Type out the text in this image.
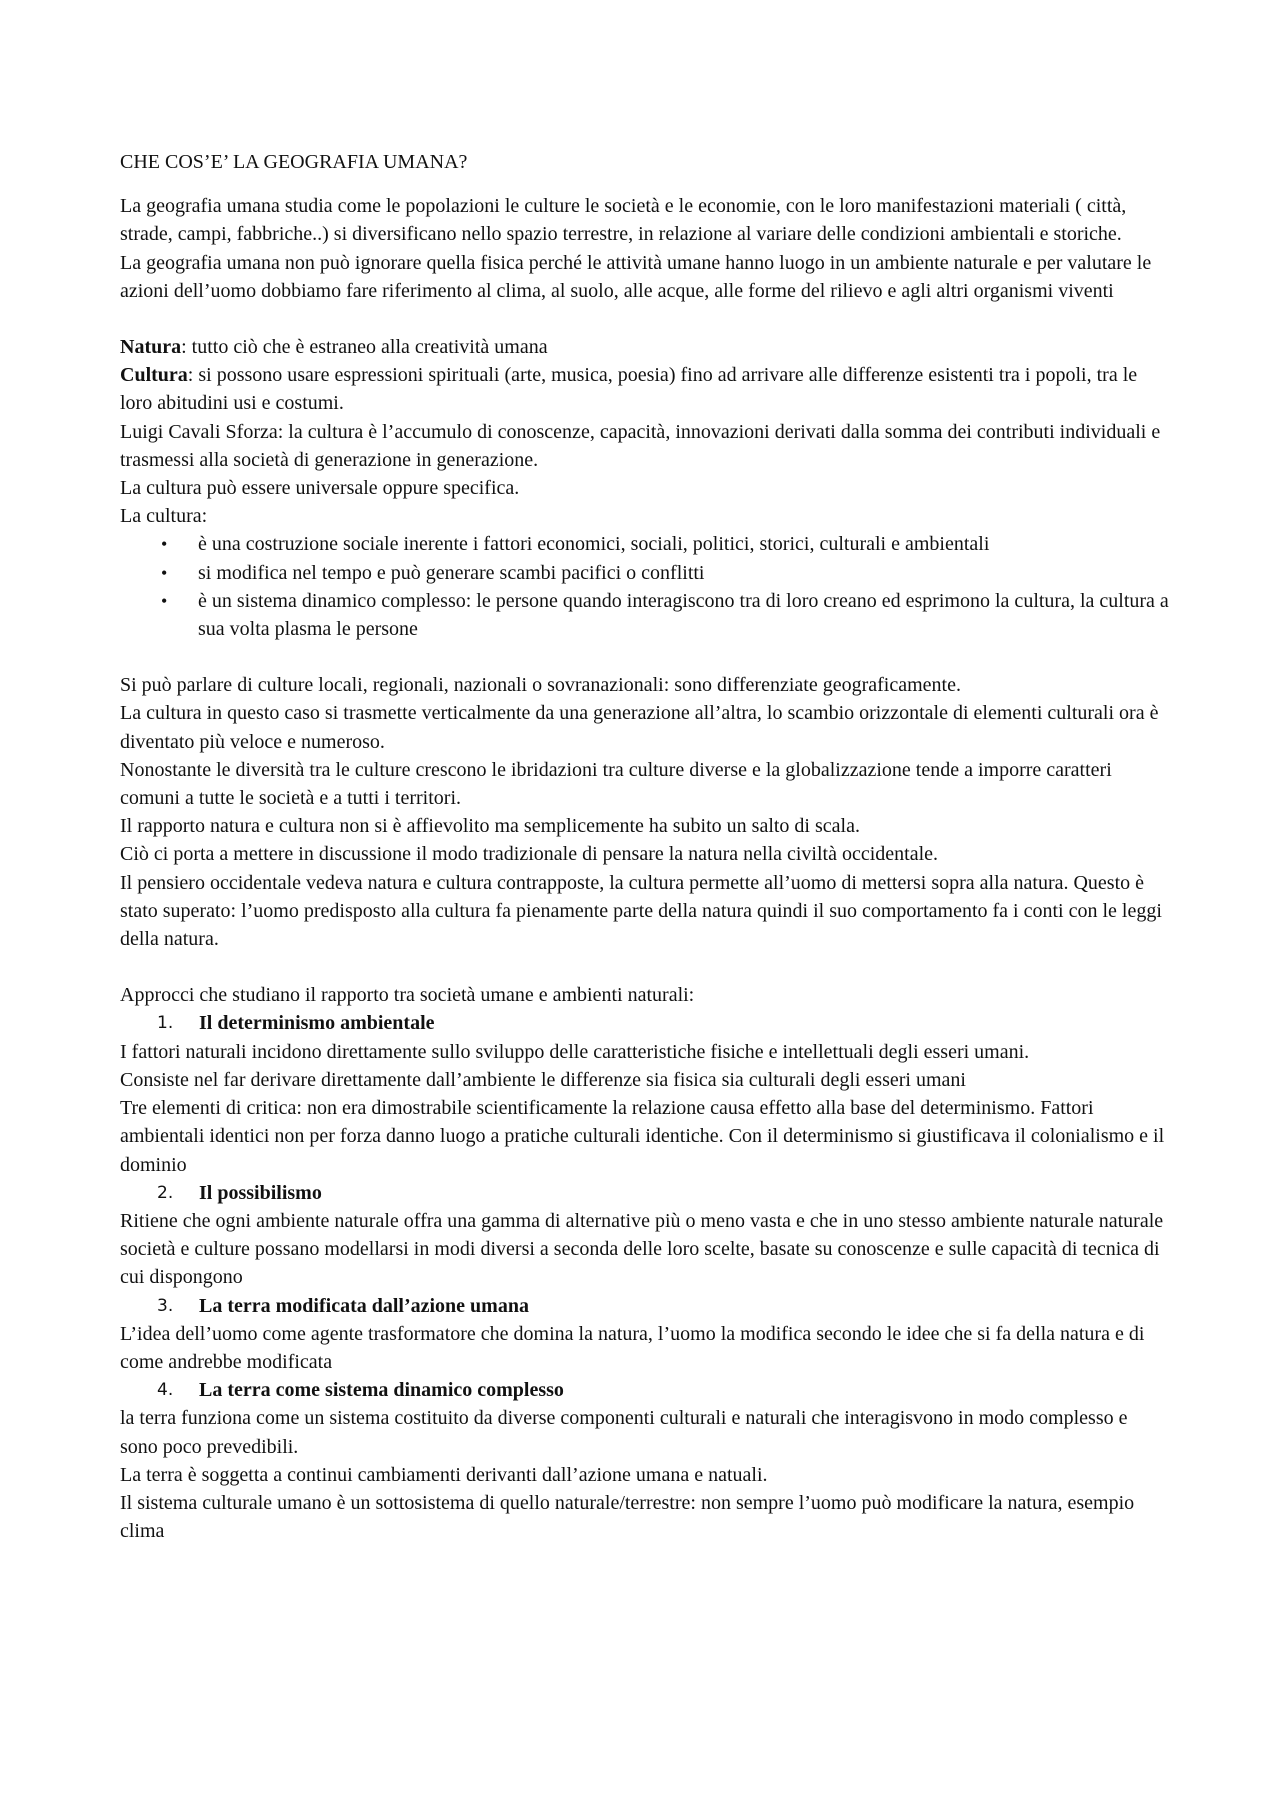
CHE COS’E’ LA GEOGRAFIA UMANA?

La geografia umana studia come le popolazioni le culture le società e le economie, con le loro manifestazioni materiali ( città, strade, campi, fabbriche..) si diversificano nello spazio terrestre, in relazione al variare delle condizioni ambientali e storiche.

La geografia umana non può ignorare quella fisica perché le attività umane hanno luogo in un ambiente naturale e per valutare le azioni dell’uomo dobbiamo fare riferimento al clima, al suolo, alle acque, alle forme del rilievo e agli altri organismi viventi

Natura: tutto ciò che è estraneo alla creatività umana

Cultura: si possono usare espressioni spirituali (arte, musica, poesia) fino ad arrivare alle differenze esistenti tra i popoli, tra le loro abitudini usi e costumi.

Luigi Cavali Sforza: la cultura è l’accumulo di conoscenze, capacità, innovazioni derivati dalla somma dei contributi individuali e trasmessi alla società di generazione in generazione.

La cultura può essere universale oppure specifica.

La cultura:

• è una costruzione sociale inerente i fattori economici, sociali, politici, storici, culturali e ambientali
• si modifica nel tempo e può generare scambi pacifici o conflitti
• è un sistema dinamico complesso: le persone quando interagiscono tra di loro creano ed esprimono la cultura, la cultura a sua volta plasma le persone

Si può parlare di culture locali, regionali, nazionali o sovranazionali: sono differenziate geograficamente.

La cultura in questo caso si trasmette verticalmente da una generazione all’altra, lo scambio orizzontale di elementi culturali ora è diventato più veloce e numeroso.

Nonostante le diversità tra le culture crescono le ibridazioni tra culture diverse e la globalizzazione tende a imporre caratteri comuni a tutte le società e a tutti i territori.

Il rapporto natura e cultura non si è affievolito ma semplicemente ha subito un salto di scala.

Ciò ci porta a mettere in discussione il modo tradizionale di pensare la natura nella civiltà occidentale.

Il pensiero occidentale vedeva natura e cultura contrapposte, la cultura permette all’uomo di mettersi sopra alla natura. Questo è stato superato: l’uomo predisposto alla cultura fa pienamente parte della natura quindi il suo comportamento fa i conti con le leggi della natura.

Approcci che studiano il rapporto tra società umane e ambienti naturali:

1.	Il determinismo ambientale

I fattori naturali incidono direttamente sullo sviluppo delle caratteristiche fisiche e intellettuali degli esseri umani.

Consiste nel far derivare direttamente dall’ambiente le differenze sia fisica sia culturali degli esseri umani

Tre elementi di critica: non era dimostrabile scientificamente la relazione causa effetto alla base del determinismo. Fattori ambientali identici non per forza danno luogo a pratiche culturali identiche. Con il determinismo si giustificava il colonialismo e il dominio

2.	Il possibilismo

Ritiene che ogni ambiente naturale offra una gamma di alternative più o meno vasta e che in uno stesso ambiente naturale naturale società e culture possano modellarsi in modi diversi a seconda delle loro scelte, basate su conoscenze e sulle capacità di tecnica di cui dispongono

3.	La terra modificata dall’azione umana

L’idea dell’uomo come agente trasformatore che domina la natura, l’uomo la modifica secondo le idee che si fa della natura e di come andrebbe modificata

4.	La terra come sistema dinamico complesso

la terra funziona come un sistema costituito da diverse componenti culturali e naturali che interagisvono in modo complesso e sono poco prevedibili.

La terra è soggetta a continui cambiamenti derivanti dall’azione umana e natuali.

Il sistema culturale umano è un sottosistema di quello naturale/terrestre: non sempre l’uomo può modificare la natura, esempio clima
